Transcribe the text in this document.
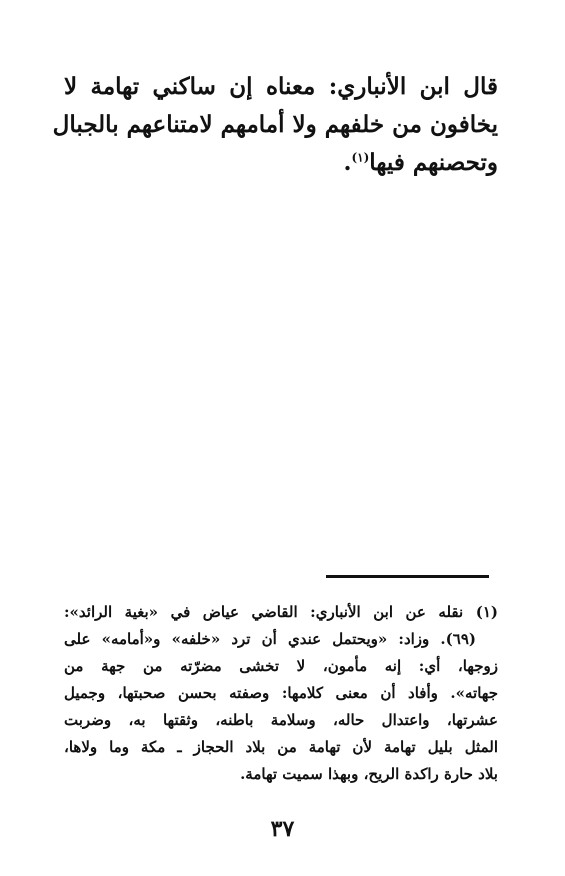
قال ابن الأنباري: معناه إن ساكني تهامة لا
يخافون من خلفهم ولا أمامهم لامتناعهم بالجبال
وتحصنهم فيها$^{(١)}$.
(١) نقله عن ابن الأنباري: القاضي عياض في «بغية الرائد»:
(٦٩). وزاد: «ويحتمل عندي أن ترد «خلفه» و«أمامه» على
زوجها، أي: إنه مأمون، لا تخشى مضرّته من جهة من
جهاته». وأفاد أن معنى كلامها: وصفته بحسن صحبتها، وجميل
عشرتها، واعتدال حاله، وسلامة باطنه، وثقتها به، وضربت
المثل بليل تهامة لأن تهامة من بلاد الحجاز ـ مكة وما ولاها،
بلاد حارة راكدة الريح، وبهذا سميت تهامة.
٣٧
